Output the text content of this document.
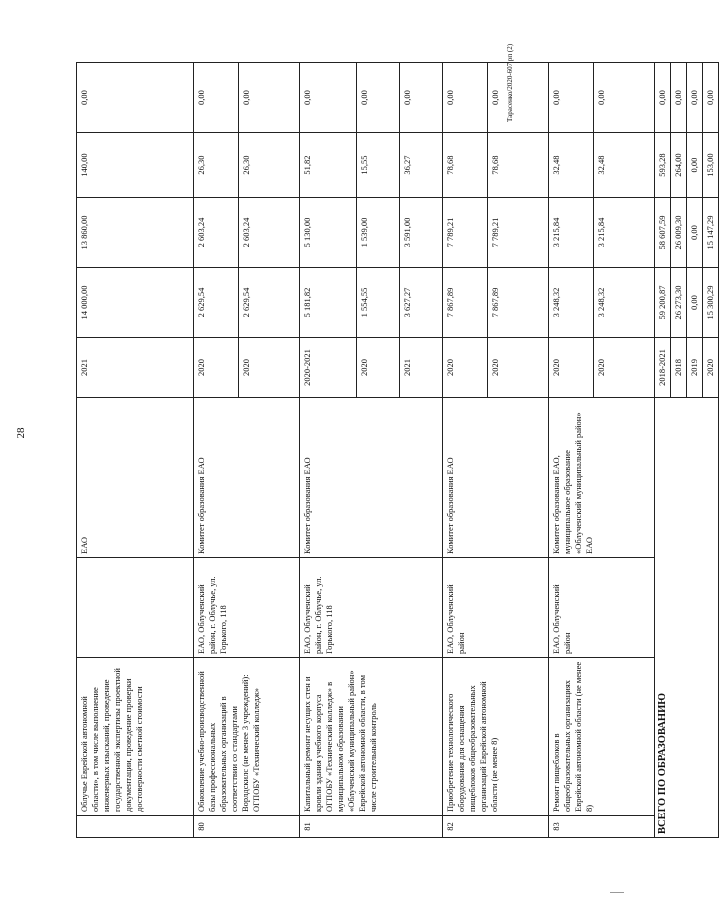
28
Тарасенко/2020-607 рп (2)
	Облучье Еврейской автономной области», в том числе выполнение инженерных изысканий, проведение государственной экспертизы проектной документации, проведение проверки достоверности сметной стоимости		ЕАО	2021	14 000,00	13 860,00	140,00	0,00
80	Обновление учебно-производственной базы профессиональных образовательных организаций в соответствии со стандартами Ворлдскилс (не менее 3 учреждений): ОГПОБУ «Технический колледж»	ЕАО, Облученский район, г. Облучье, ул. Горького, 118	Комитет образования ЕАО	2020	2 629,54	2 603,24	26,30	0,00
				2020	2 629,54	2 603,24	26,30	0,00
81	Капитальный ремонт несущих стен и кровли здания учебного корпуса ОГПОБУ «Технический колледж» в муниципальном образовании «Облученский муниципальный район» Еврейской автономной области, в том числе строительный контроль	ЕАО, Облученский район, г. Облучье, ул. Горького, 118	Комитет образования ЕАО	2020-2021	5 181,82	5 130,00	51,82	0,00
				2020	1 554,55	1 539,00	15,55	0,00
				2021	3 627,27	3 591,00	36,27	0,00
82	Приобретение технологического оборудования для оснащения пищеблоков общеобразовательных организаций Еврейской автономной области (не менее 8)	ЕАО, Облученский район	Комитет образования ЕАО	2020	7 867,89	7 789,21	78,68	0,00
				2020	7 867,89	7 789,21	78,68	0,00
83	Ремонт пищеблоков в общеобразовательных организациях Еврейской автономной области (не менее 8)	ЕАО, Облученский район	Комитет образования ЕАО, муниципальное образование «Облученский муниципальный район» ЕАО	2020	3 248,32	3 215,84	32,48	0,00
				2020	3 248,32	3 215,84	32,48	0,00
ВСЕГО ПО ОБРАЗОВАНИЮ				2018-2021	59 200,87	58 607,59	593,28	0,00
				2018	26 273,30	26 009,30	264,00	0,00
				2019	0,00	0,00	0,00	0,00
				2020	15 300,29	15 147,29	153,00	0,00
